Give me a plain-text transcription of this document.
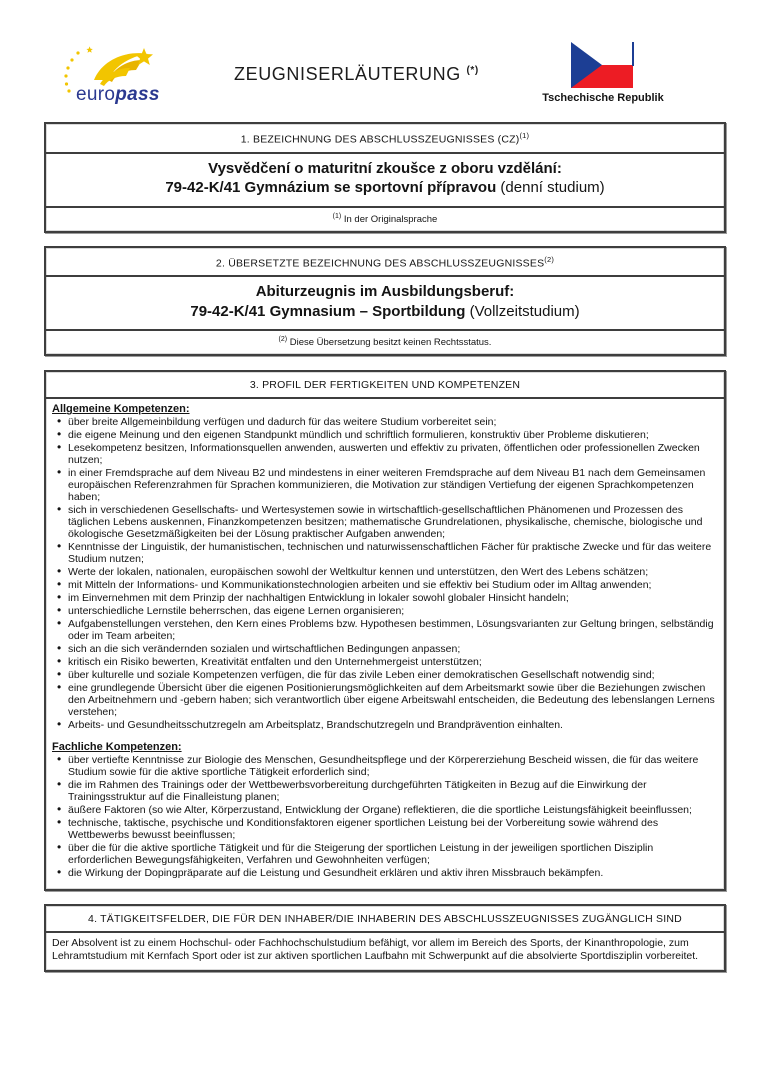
europass
ZEUGNISERLÄUTERUNG (*)
Tschechische Republik
1. BEZEICHNUNG DES ABSCHLUSSZEUGNISSES (CZ)$^{(1)}$
Vysvědčení o maturitní zkoušce z oboru vzdělání:
79-42-K/41 Gymnázium se sportovní přípravou (denní studium)
$^{(1)}$ In der Originalsprache
2. ÜBERSETZTE BEZEICHNUNG DES ABSCHLUSSZEUGNISSES$^{(2)}$
Abiturzeugnis im Ausbildungsberuf:
79-42-K/41 Gymnasium – Sportbildung (Vollzeitstudium)
$^{(2)}$ Diese Übersetzung besitzt keinen Rechtsstatus.
3. PROFIL DER FERTIGKEITEN UND KOMPETENZEN
Allgemeine Kompetenzen:
• über breite Allgemeinbildung verfügen und dadurch für das weitere Studium vorbereitet sein;
• die eigene Meinung und den eigenen Standpunkt mündlich und schriftlich formulieren, konstruktiv über Probleme diskutieren;
• Lesekompetenz besitzen, Informationsquellen anwenden, auswerten und effektiv zu privaten, öffentlichen oder professionellen Zwecken nutzen;
• in einer Fremdsprache auf dem Niveau B2 und mindestens in einer weiteren Fremdsprache auf dem Niveau B1 nach dem Gemeinsamen europäischen Referenzrahmen für Sprachen kommunizieren, die Motivation zur ständigen Vertiefung der eigenen Sprachkompetenzen haben;
• sich in verschiedenen Gesellschafts- und Wertesystemen sowie in wirtschaftlich-gesellschaftlichen Phänomenen und Prozessen des täglichen Lebens auskennen, Finanzkompetenzen besitzen; mathematische Grundrelationen, physikalische, chemische, biologische und ökologische Gesetzmäßigkeiten bei der Lösung praktischer Aufgaben anwenden;
• Kenntnisse der Linguistik, der humanistischen, technischen und naturwissenschaftlichen Fächer für praktische Zwecke und für das weitere Studium nutzen;
• Werte der lokalen, nationalen, europäischen sowohl der Weltkultur kennen und unterstützen, den Wert des Lebens schätzen;
• mit Mitteln der Informations- und Kommunikationstechnologien arbeiten und sie effektiv bei Studium oder im Alltag anwenden;
• im Einvernehmen mit dem Prinzip der nachhaltigen Entwicklung in lokaler sowohl globaler Hinsicht handeln;
• unterschiedliche Lernstile beherrschen, das eigene Lernen organisieren;
• Aufgabenstellungen verstehen, den Kern eines Problems bzw. Hypothesen bestimmen, Lösungsvarianten zur Geltung bringen, selbständig oder im Team arbeiten;
• sich an die sich verändernden sozialen und wirtschaftlichen Bedingungen anpassen;
• kritisch ein Risiko bewerten, Kreativität entfalten und den Unternehmergeist unterstützen;
• über kulturelle und soziale Kompetenzen verfügen, die für das zivile Leben einer demokratischen Gesellschaft notwendig sind;
• eine grundlegende Übersicht über die eigenen Positionierungsmöglichkeiten auf dem Arbeitsmarkt sowie über die Beziehungen zwischen den Arbeitnehmern und -gebern haben; sich verantwortlich über eigene Arbeitswahl entscheiden, die Bedeutung des lebenslangen Lernens verstehen;
• Arbeits- und Gesundheitsschutzregeln am Arbeitsplatz, Brandschutzregeln und Brandprävention einhalten.
Fachliche Kompetenzen:
• über vertiefte Kenntnisse zur Biologie des Menschen, Gesundheitspflege und der Körpererziehung Bescheid wissen, die für das weitere Studium sowie für die aktive sportliche Tätigkeit erforderlich sind;
• die im Rahmen des Trainings oder der Wettbewerbsvorbereitung durchgeführten Tätigkeiten in Bezug auf die Einwirkung der Trainingsstruktur auf die Finalleistung planen;
• äußere Faktoren (so wie Alter, Körperzustand, Entwicklung der Organe) reflektieren, die die sportliche Leistungsfähigkeit beeinflussen;
• technische, taktische, psychische und Konditionsfaktoren eigener sportlichen Leistung bei der Vorbereitung sowie während des Wettbewerbs bewusst beeinflussen;
• über die für die aktive sportliche Tätigkeit und für die Steigerung der sportlichen Leistung in der jeweiligen sportlichen Disziplin erforderlichen Bewegungsfähigkeiten, Verfahren und Gewohnheiten verfügen;
• die Wirkung der Dopingpräparate auf die Leistung und Gesundheit erklären und aktiv ihren Missbrauch bekämpfen.
4. TÄTIGKEITSFELDER, DIE FÜR DEN INHABER/DIE INHABERIN DES ABSCHLUSSZEUGNISSES ZUGÄNGLICH SIND
Der Absolvent ist zu einem Hochschul- oder Fachhochschulstudium befähigt, vor allem im Bereich des Sports, der Kinanthropologie, zum Lehramtstudium mit Kernfach Sport oder ist zur aktiven sportlichen Laufbahn mit Schwerpunkt auf die absolvierte Sportdisziplin vorbereitet.
